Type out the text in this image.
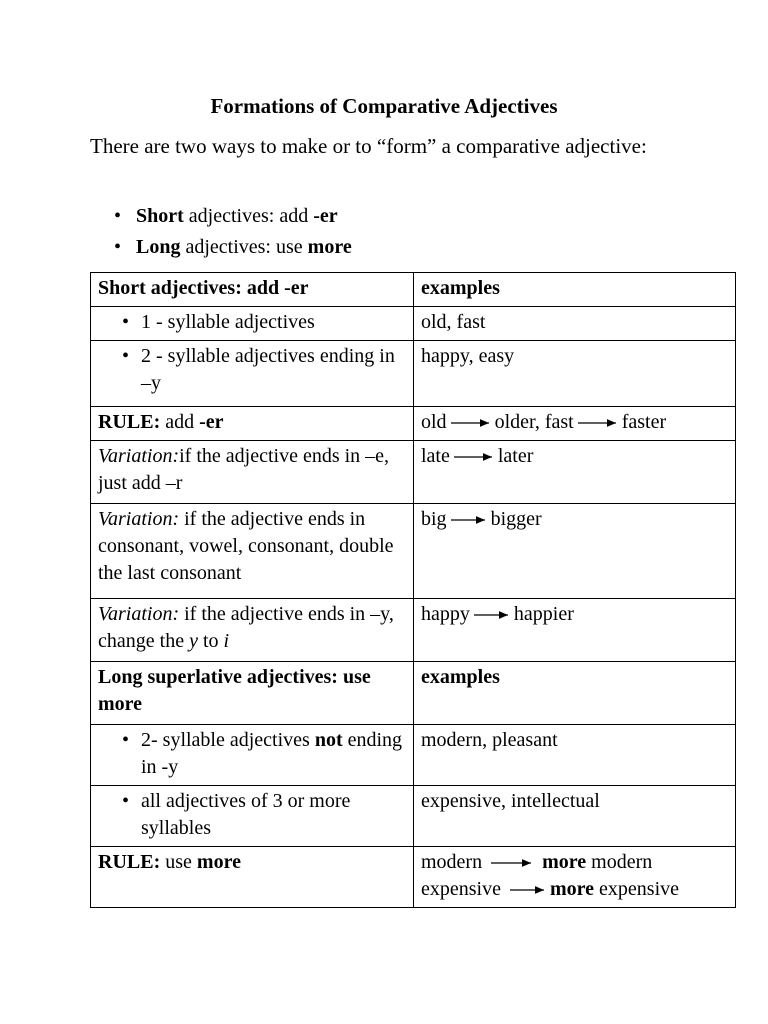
Formations of Comparative Adjectives
There are two ways to make or to “form” a comparative adjective:
• Short adjectives: add -er
• Long adjectives: use more
Short adjectives: add -er	examples

• 1 - syllable adjectives	old, fast

• 2 - syllable adjectives ending in –y	happy, easy
RULE: add -er	old older, fast faster
Variation:if the adjective ends in –e, just add –r	late later
Variation: if the adjective ends in consonant, vowel, consonant, double the last consonant	big bigger
Variation: if the adjective ends in –y, change the y to i	happy happier
Long superlative adjectives: use more	examples

• 2- syllable adjectives not ending in -y	modern, pleasant

• all adjectives of 3 or more syllables	expensive, intellectual
RULE: use more	modern more modern
expensive more expensive
